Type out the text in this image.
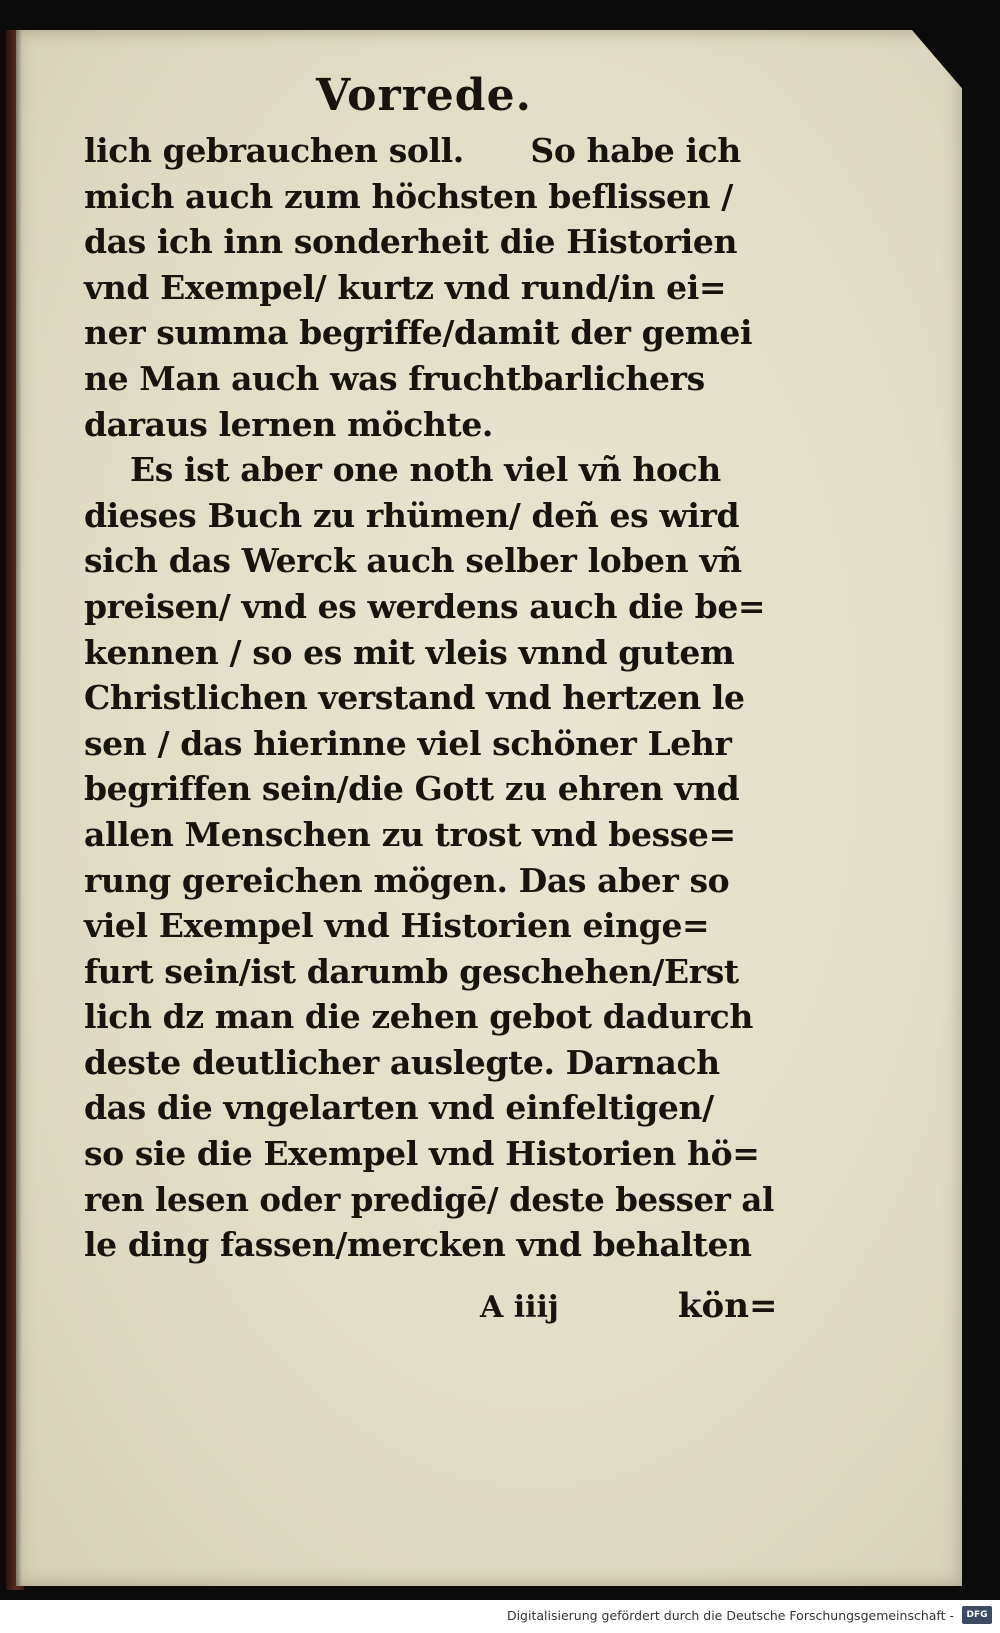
Vorrede.
lich gebrauchen soll.      So habe ich
mich auch zum höchsten beflissen /
das ich inn sonderheit die Historien
vnd Exempel/ kurtz vnd rund/in ei=
ner summa begriffe/damit der gemei
ne Man auch was fruchtbarlichers
daraus lernen möchte.
Es ist aber one noth viel vñ hoch
dieses Buch zu rhümen/ deñ es wird
sich das Werck auch selber loben vñ
preisen/ vnd es werdens auch die be=
kennen / so es mit vleis vnnd gutem
Christlichen verstand vnd hertzen le
sen / das hierinne viel schöner Lehr
begriffen sein/die Gott zu ehren vnd
allen Menschen zu trost vnd besse=
rung gereichen mögen. Das aber so
viel Exempel vnd Historien einge=
furt sein/ist darumb geschehen/Erst
lich dz man die zehen gebot dadurch
deste deutlicher auslegte. Darnach
das die vngelarten vnd einfeltigen/
so sie die Exempel vnd Historien hö=
ren lesen oder predigē/ deste besser al
le ding fassen/mercken vnd behalten
A iiij	kön=
Digitalisierung gefördert durch die Deutsche Forschungsgemeinschaft -	DFG
